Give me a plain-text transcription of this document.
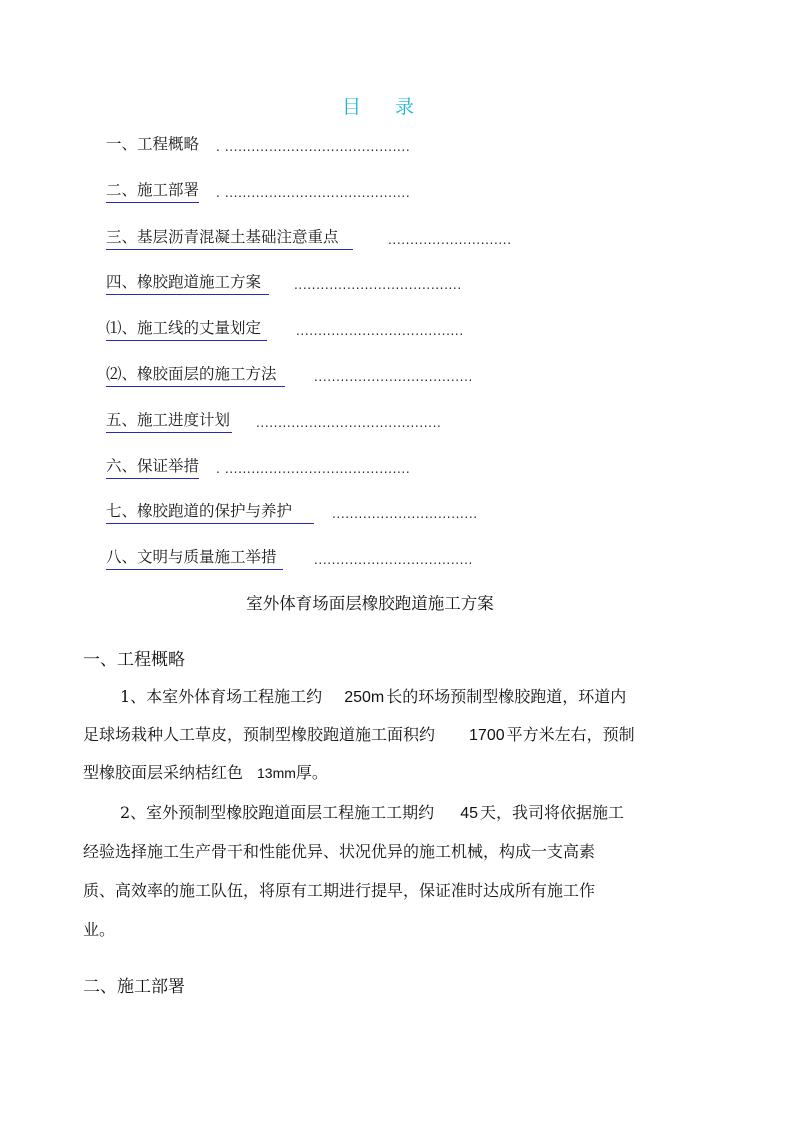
目 录
一、工程概略 . ..........................................
二、施工部署 . ..........................................
三、基层沥青混凝土基础注意重点	............................
四、橡胶跑道施工方案	......................................
⑴、施工线的丈量划定	......................................
⑵、橡胶面层的施工方法	....................................
五、施工进度计划 ..........................................
六、保证举措 . ..........................................
七、橡胶跑道的保护与养护	.................................
八、文明与质量施工举措	....................................
室外体育场面层橡胶跑道施工方案
一、工程概略
1、本室外体育场工程施工约 250m 长的环场预制型橡胶跑道，环道内
足球场栽种人工草皮，预制型橡胶跑道施工面积约 1700 平方米左右，预制
型橡胶面层采纳桔红色 13mm厚。
2、室外预制型橡胶跑道面层工程施工工期约 45 天，我司将依据施工
经验选择施工生产骨干和性能优异、状况优异的施工机械，构成一支高素
质、高效率的施工队伍，将原有工期进行提早，保证准时达成所有施工作
业。
二、施工部署
